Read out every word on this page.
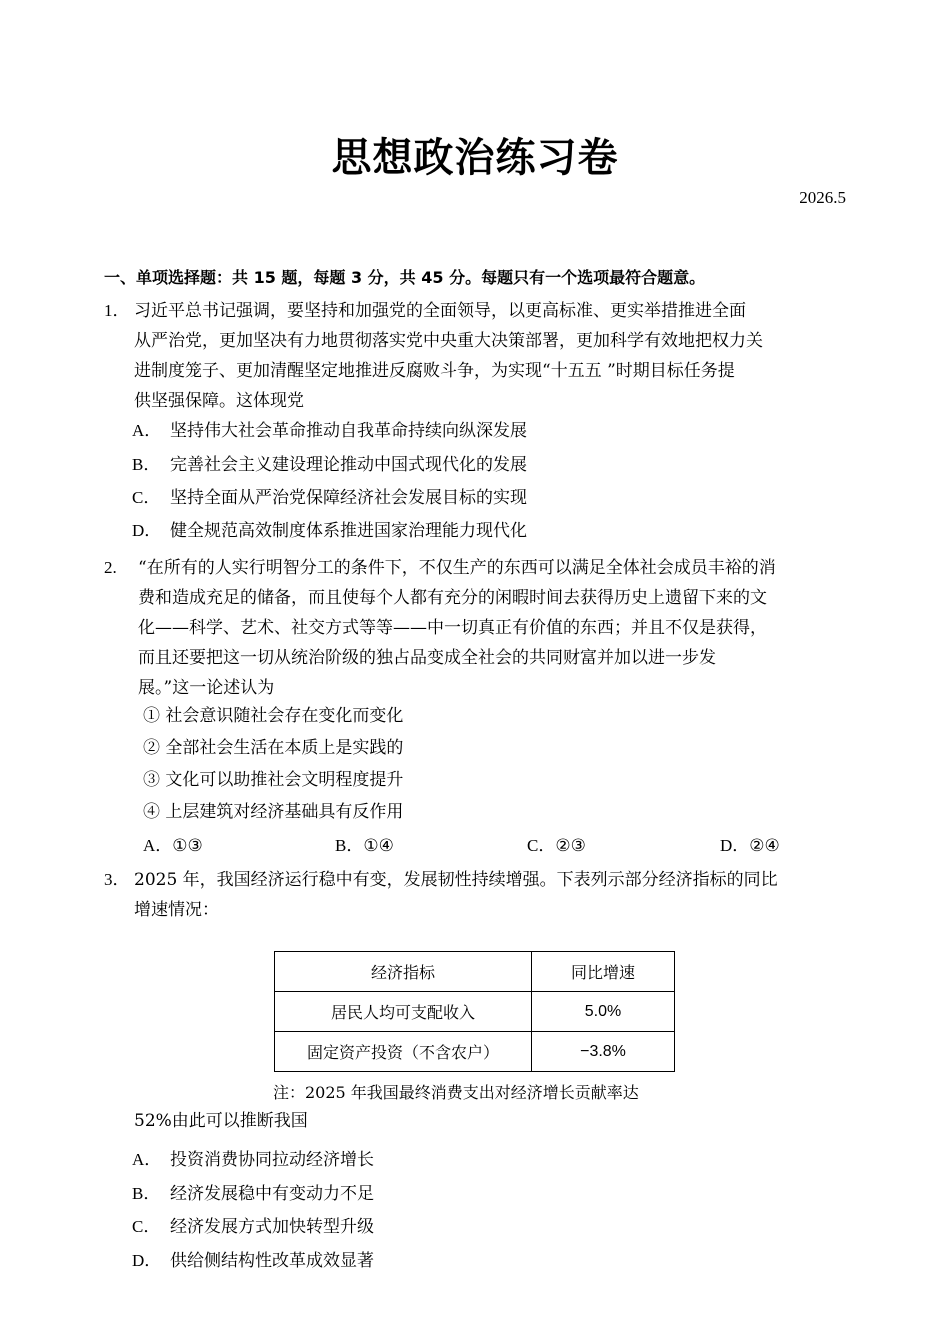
思想政治练习卷
2026.5
一、单项选择题：共 15 题，每题 3 分，共 45 分。每题只有一个选项最符合题意。
1． 习近平总书记强调，要坚持和加强党的全面领导，以更高标准、更实举措推进全面
从严治党，更加坚决有力地贯彻落实党中央重大决策部署，更加科学有效地把权力关
进制度笼子、更加清醒坚定地推进反腐败斗争，为实现“十五五 ”时期目标任务提
供坚强保障。这体现党
A． 坚持伟大社会革命推动自我革命持续向纵深发展
B． 完善社会主义建设理论推动中国式现代化的发展
C． 坚持全面从严治党保障经济社会发展目标的实现
D． 健全规范高效制度体系推进国家治理能力现代化
2. “在所有的人实行明智分工的条件下，不仅生产的东西可以满足全体社会成员丰裕的消
费和造成充足的储备，而且使每个人都有充分的闲暇时间去获得历史上遗留下来的文
化——科学、艺术、社交方式等等——中一切真正有价值的东西；并且不仅是获得，
而且还要把这一切从统治阶级的独占品变成全社会的共同财富并加以进一步发
展。”这一论述认为
① 社会意识随社会存在变化而变化
② 全部社会生活在本质上是实践的
③ 文化可以助推社会文明程度提升
④ 上层建筑对经济基础具有反作用
A．①③	B．①④	C．②③	D．②④
3． 2025 年，我国经济运行稳中有变，发展韧性持续增强。下表列示部分经济指标的同比
增速情况：
经济指标	同比增速
居民人均可支配收入	5.0%
固定资产投资（不含农户）	−3.8%
注：2025 年我国最终消费支出对经济增长贡献率达
52%由此可以推断我国
A． 投资消费协同拉动经济增长
B． 经济发展稳中有变动力不足
C． 经济发展方式加快转型升级
D． 供给侧结构性改革成效显著
